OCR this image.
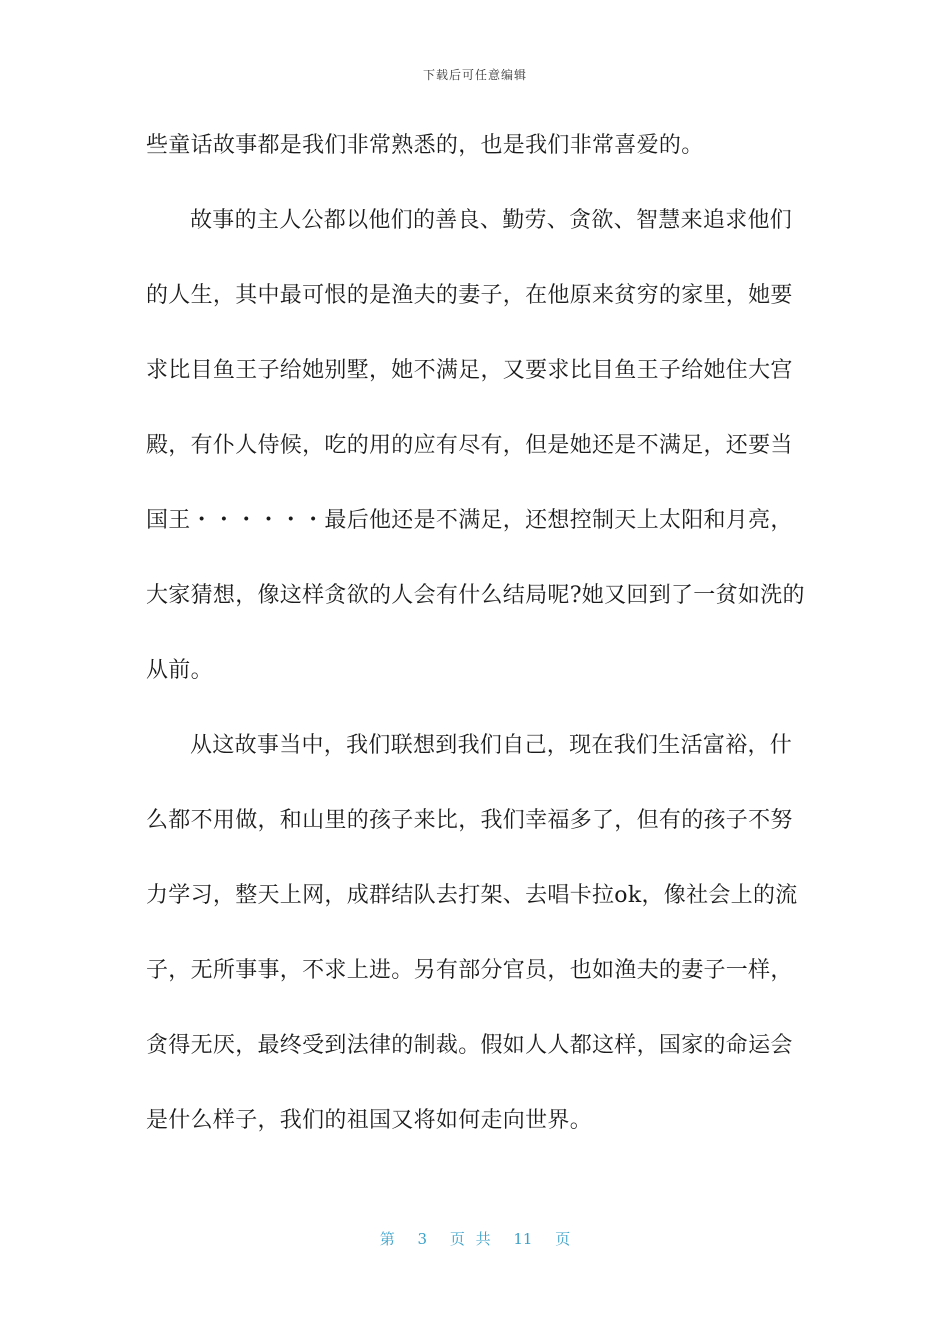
下载后可任意编辑
些童话故事都是我们非常熟悉的，也是我们非常喜爱的。
故事的主人公都以他们的善良、勤劳、贪欲、智慧来追求他们
的人生，其中最可恨的是渔夫的妻子，在他原来贫穷的家里，她要
求比目鱼王子给她别墅，她不满足，又要求比目鱼王子给她住大宫
殿，有仆人侍候，吃的用的应有尽有，但是她还是不满足，还要当
国王・・・・・・最后他还是不满足，还想控制天上太阳和月亮，
大家猜想，像这样贪欲的人会有什么结局呢?她又回到了一贫如洗的
从前。
从这故事当中，我们联想到我们自己，现在我们生活富裕，什
么都不用做，和山里的孩子来比，我们幸福多了，但有的孩子不努
力学习，整天上网，成群结队去打架、去唱卡拉ok，像社会上的流
子，无所事事，不求上进。另有部分官员，也如渔夫的妻子一样，
贪得无厌，最终受到法律的制裁。假如人人都这样，国家的命运会
是什么样子，我们的祖国又将如何走向世界。
第 3 页 共 11 页
